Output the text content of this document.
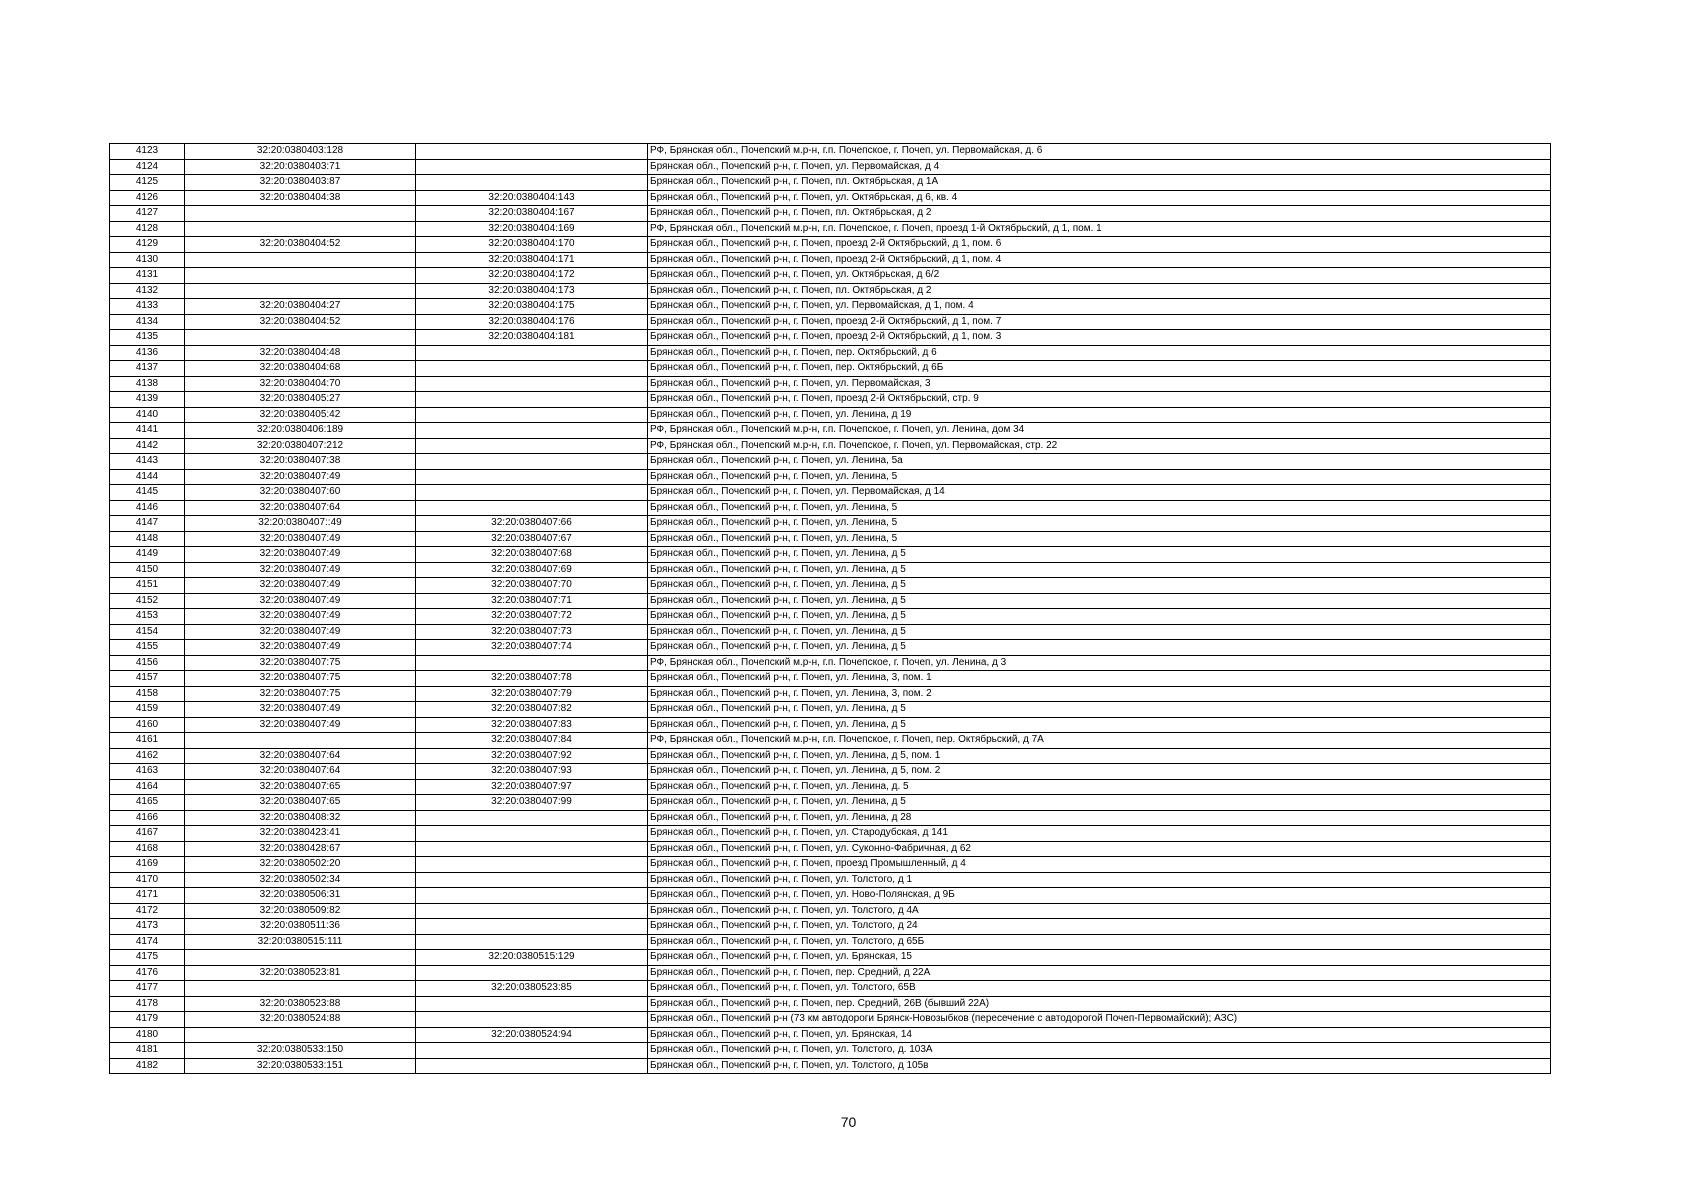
4123	32:20:0380403:128		РФ, Брянская обл., Почепский м.р-н, г.п. Почепское, г. Почеп, ул. Первомайская, д. 6
4124	32:20:0380403:71		Брянская обл., Почепский р-н, г. Почеп, ул. Первомайская, д 4
4125	32:20:0380403:87		Брянская обл., Почепский р-н, г. Почеп, пл. Октябрьская, д 1А
4126	32:20:0380404:38	32:20:0380404:143	Брянская обл., Почепский р-н, г. Почеп, ул. Октябрьская, д 6, кв. 4
4127		32:20:0380404:167	Брянская обл., Почепский р-н, г. Почеп, пл. Октябрьская, д 2
4128		32:20:0380404:169	РФ, Брянская обл., Почепский м.р-н, г.п. Почепское, г. Почеп, проезд 1-й Октябрьский, д 1, пом. 1
4129	32:20:0380404:52	32:20:0380404:170	Брянская обл., Почепский р-н, г. Почеп, проезд 2-й Октябрьский, д 1, пом. 6
4130		32:20:0380404:171	Брянская обл., Почепский р-н, г. Почеп, проезд 2-й Октябрьский, д 1, пом. 4
4131		32:20:0380404:172	Брянская обл., Почепский р-н, г. Почеп, ул. Октябрьская, д 6/2
4132		32:20:0380404:173	Брянская обл., Почепский р-н, г. Почеп, пл. Октябрьская, д 2
4133	32:20:0380404:27	32:20:0380404:175	Брянская обл., Почепский р-н, г. Почеп, ул. Первомайская, д 1, пом. 4
4134	32:20:0380404:52	32:20:0380404:176	Брянская обл., Почепский р-н, г. Почеп, проезд 2-й Октябрьский, д 1, пом. 7
4135		32:20:0380404:181	Брянская обл., Почепский р-н, г. Почеп, проезд 2-й Октябрьский, д 1, пом. 3
4136	32:20:0380404:48		Брянская обл., Почепский р-н, г. Почеп, пер. Октябрьский, д 6
4137	32:20:0380404:68		Брянская обл., Почепский р-н, г. Почеп, пер. Октябрьский, д 6Б
4138	32:20:0380404:70		Брянская обл., Почепский р-н, г. Почеп, ул. Первомайская, 3
4139	32:20:0380405:27		Брянская обл., Почепский р-н, г. Почеп, проезд 2-й Октябрьский, стр. 9
4140	32:20:0380405:42		Брянская обл., Почепский р-н, г. Почеп, ул. Ленина, д 19
4141	32:20:0380406:189		РФ, Брянская обл., Почепский м.р-н, г.п. Почепское, г. Почеп, ул. Ленина, дом 34
4142	32:20:0380407:212		РФ, Брянская обл., Почепский м.р-н, г.п. Почепское, г. Почеп, ул. Первомайская, стр. 22
4143	32:20:0380407:38		Брянская обл., Почепский р-н, г. Почеп, ул. Ленина, 5а
4144	32:20:0380407:49		Брянская обл., Почепский р-н, г. Почеп, ул. Ленина, 5
4145	32:20:0380407:60		Брянская обл., Почепский р-н, г. Почеп, ул. Первомайская, д 14
4146	32:20:0380407:64		Брянская обл., Почепский р-н, г. Почеп, ул. Ленина, 5
4147	32:20:0380407::49	32:20:0380407:66	Брянская обл., Почепский р-н, г. Почеп, ул. Ленина, 5
4148	32:20:0380407:49	32:20:0380407:67	Брянская обл., Почепский р-н, г. Почеп, ул. Ленина, 5
4149	32:20:0380407:49	32:20:0380407:68	Брянская обл., Почепский р-н, г. Почеп, ул. Ленина, д 5
4150	32:20:0380407:49	32:20:0380407:69	Брянская обл., Почепский р-н, г. Почеп, ул. Ленина, д 5
4151	32:20:0380407:49	32:20:0380407:70	Брянская обл., Почепский р-н, г. Почеп, ул. Ленина, д 5
4152	32:20:0380407:49	32:20:0380407:71	Брянская обл., Почепский р-н, г. Почеп, ул. Ленина, д 5
4153	32:20:0380407:49	32:20:0380407:72	Брянская обл., Почепский р-н, г. Почеп, ул. Ленина, д 5
4154	32:20:0380407:49	32:20:0380407:73	Брянская обл., Почепский р-н, г. Почеп, ул. Ленина, д 5
4155	32:20:0380407:49	32:20:0380407:74	Брянская обл., Почепский р-н, г. Почеп, ул. Ленина, д 5
4156	32:20:0380407:75		РФ, Брянская обл., Почепский м.р-н, г.п. Почепское, г. Почеп, ул. Ленина, д 3
4157	32:20:0380407:75	32:20:0380407:78	Брянская обл., Почепский р-н, г. Почеп, ул. Ленина, 3, пом. 1
4158	32:20:0380407:75	32:20:0380407:79	Брянская обл., Почепский р-н, г. Почеп, ул. Ленина, 3, пом. 2
4159	32:20:0380407:49	32:20:0380407:82	Брянская обл., Почепский р-н, г. Почеп, ул. Ленина, д 5
4160	32:20:0380407:49	32:20:0380407:83	Брянская обл., Почепский р-н, г. Почеп, ул. Ленина, д 5
4161		32:20:0380407:84	РФ, Брянская обл., Почепский м.р-н, г.п. Почепское, г. Почеп, пер. Октябрьский, д 7А
4162	32:20:0380407:64	32:20:0380407:92	Брянская обл., Почепский р-н, г. Почеп, ул. Ленина, д 5, пом. 1
4163	32:20:0380407:64	32:20:0380407:93	Брянская обл., Почепский р-н, г. Почеп, ул. Ленина, д 5, пом. 2
4164	32:20:0380407:65	32:20:0380407:97	Брянская обл., Почепский р-н, г. Почеп, ул. Ленина, д. 5
4165	32:20:0380407:65	32:20:0380407:99	Брянская обл., Почепский р-н, г. Почеп, ул. Ленина, д 5
4166	32:20:0380408:32		Брянская обл., Почепский р-н, г. Почеп, ул. Ленина, д 28
4167	32:20:0380423:41		Брянская обл., Почепский р-н, г. Почеп, ул. Стародубская, д 141
4168	32:20:0380428:67		Брянская обл., Почепский р-н, г. Почеп, ул. Суконно-Фабричная, д 62
4169	32:20:0380502:20		Брянская обл., Почепский р-н, г. Почеп, проезд Промышленный, д 4
4170	32:20:0380502:34		Брянская обл., Почепский р-н, г. Почеп, ул. Толстого, д 1
4171	32:20:0380506:31		Брянская обл., Почепский р-н, г. Почеп, ул. Ново-Полянская, д 9Б
4172	32:20:0380509:82		Брянская обл., Почепский р-н, г. Почеп, ул. Толстого, д 4А
4173	32:20:0380511:36		Брянская обл., Почепский р-н, г. Почеп, ул. Толстого, д 24
4174	32:20:0380515:111		Брянская обл., Почепский р-н, г. Почеп, ул. Толстого, д 65Б
4175		32:20:0380515:129	Брянская обл., Почепский р-н, г. Почеп, ул. Брянская, 15
4176	32:20:0380523:81		Брянская обл., Почепский р-н, г. Почеп, пер. Средний, д 22А
4177		32:20:0380523:85	Брянская обл., Почепский р-н, г. Почеп, ул. Толстого, 65В
4178	32:20:0380523:88		Брянская обл., Почепский р-н, г. Почеп, пер. Средний, 26В (бывший 22А)
4179	32:20:0380524:88		Брянская обл., Почепский р-н (73 км автодороги Брянск-Новозыбков (пересечение с автодорогой Почеп-Первомайский); АЗС)
4180		32:20:0380524:94	Брянская обл., Почепский р-н, г. Почеп, ул. Брянская, 14
4181	32:20:0380533:150		Брянская обл., Почепский р-н, г. Почеп, ул. Толстого, д. 103А
4182	32:20:0380533:151		Брянская обл., Почепский р-н, г. Почеп, ул. Толстого, д 105в
70
